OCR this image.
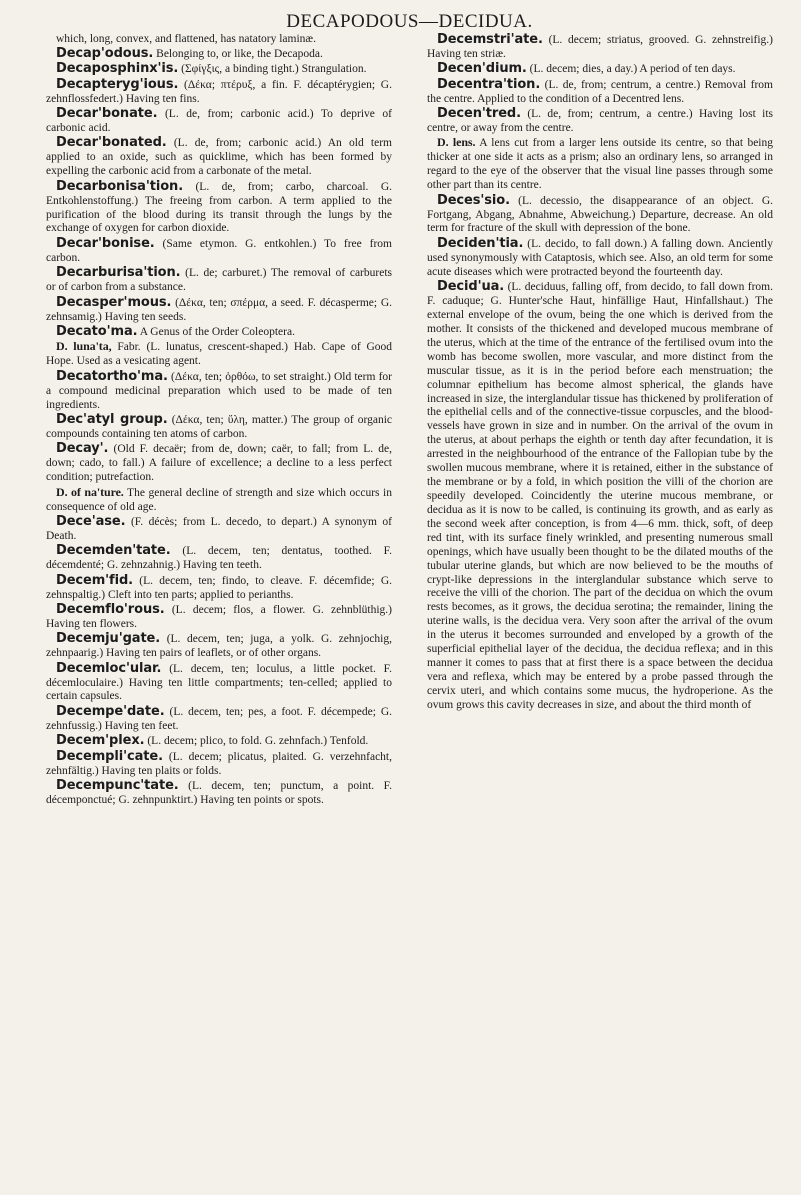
DECAPODOUS—DECIDUA.

which, long, convex, and flattened, has natatory laminæ.

Decap'odous. Belonging to, or like, the Decapoda.

Decaposphinx'is. (Σφίγξις, a binding tight.) Strangulation.

Decapteryg'ious. (Δέκα; πτέρυξ, a fin. F. décaptérygien; G. zehnflossfedert.) Having ten fins.

Decar'bonate. (L. de, from; carbonic acid.) To deprive of carbonic acid.

Decar'bonated. (L. de, from; carbonic acid.) An old term applied to an oxide, such as quicklime, which has been formed by expelling the carbonic acid from a carbonate of the metal.

Decarbonisa'tion. (L. de, from; carbo, charcoal. G. Entkohlenstoffung.) The freeing from carbon. A term applied to the purification of the blood during its transit through the lungs by the exchange of oxygen for carbon dioxide.

Decar'bonise. (Same etymon. G. entkohlen.) To free from carbon.

Decarburisa'tion. (L. de; carburet.) The removal of carburets or of carbon from a substance.

Decasper'mous. (Δέκα, ten; σπέρμα, a seed. F. décasperme; G. zehnsamig.) Having ten seeds.

Decato'ma. A Genus of the Order Coleoptera.

D. luna'ta, Fabr. (L. lunatus, crescent-shaped.) Hab. Cape of Good Hope. Used as a vesicating agent.

Decatortho'ma. (Δέκα, ten; ὀρθόω, to set straight.) Old term for a compound medicinal preparation which used to be made of ten ingredients.

Dec'atyl group. (Δέκα, ten; ὕλη, matter.) The group of organic compounds containing ten atoms of carbon.

Decay'. (Old F. decaër; from de, down; caër, to fall; from L. de, down; cado, to fall.) A failure of excellence; a decline to a less perfect condition; putrefaction.

D. of na'ture. The general decline of strength and size which occurs in consequence of old age.

Dece'ase. (F. décès; from L. decedo, to depart.) A synonym of Death.

Decemden'tate. (L. decem, ten; dentatus, toothed. F. décemdenté; G. zehnzahnig.) Having ten teeth.

Decem'fid. (L. decem, ten; findo, to cleave. F. décemfide; G. zehnspaltig.) Cleft into ten parts; applied to perianths.

Decemflo'rous. (L. decem; flos, a flower. G. zehnblüthig.) Having ten flowers.

Decemju'gate. (L. decem, ten; juga, a yolk. G. zehnjochig, zehnpaarig.) Having ten pairs of leaflets, or of other organs.

Decemloc'ular. (L. decem, ten; loculus, a little pocket. F. décemloculaire.) Having ten little compartments; ten-celled; applied to certain capsules.

Decempe'date. (L. decem, ten; pes, a foot. F. décempede; G. zehnfussig.) Having ten feet.

Decem'plex. (L. decem; plico, to fold. G. zehnfach.) Tenfold.

Decempli'cate. (L. decem; plicatus, plaited. G. verzehnfacht, zehnfältig.) Having ten plaits or folds.

Decempunc'tate. (L. decem, ten; punctum, a point. F. décemponctué; G. zehnpunktirt.) Having ten points or spots.

Decemstri'ate. (L. decem; striatus, grooved. G. zehnstreifig.) Having ten striæ.

Decen'dium. (L. decem; dies, a day.) A period of ten days.

Decentra'tion. (L. de, from; centrum, a centre.) Removal from the centre. Applied to the condition of a Decentred lens.

Decen'tred. (L. de, from; centrum, a centre.) Having lost its centre, or away from the centre.

D. lens. A lens cut from a larger lens outside its centre, so that being thicker at one side it acts as a prism; also an ordinary lens, so arranged in regard to the eye of the observer that the visual line passes through some other part than its centre.

Deces'sio. (L. decessio, the disappearance of an object. G. Fortgang, Abgang, Abnahme, Abweichung.) Departure, decrease. An old term for fracture of the skull with depression of the bone.

Deciden'tia. (L. decido, to fall down.) A falling down. Anciently used synonymously with Cataptosis, which see. Also, an old term for some acute diseases which were protracted beyond the fourteenth day.

Decid'ua. (L. deciduus, falling off, from decido, to fall down from. F. caduque; G. Hunter'sche Haut, hinfällige Haut, Hinfallshaut.) The external envelope of the ovum, being the one which is derived from the mother. It consists of the thickened and developed mucous membrane of the uterus, which at the time of the entrance of the fertilised ovum into the womb has become swollen, more vascular, and more distinct from the muscular tissue, as it is in the period before each menstruation; the columnar epithelium has become almost spherical, the glands have increased in size, the interglandular tissue has thickened by proliferation of the epithelial cells and of the connective-tissue corpuscles, and the blood-vessels have grown in size and in number. On the arrival of the ovum in the uterus, at about perhaps the eighth or tenth day after fecundation, it is arrested in the neighbourhood of the entrance of the Fallopian tube by the swollen mucous membrane, where it is retained, either in the substance of the membrane or by a fold, in which position the villi of the chorion are speedily developed. Coincidently the uterine mucous membrane, or decidua as it is now to be called, is continuing its growth, and as early as the second week after conception, is from 4—6 mm. thick, soft, of deep red tint, with its surface finely wrinkled, and presenting numerous small openings, which have usually been thought to be the dilated mouths of the tubular uterine glands, but which are now believed to be the mouths of crypt-like depressions in the interglandular substance which serve to receive the villi of the chorion. The part of the decidua on which the ovum rests becomes, as it grows, the decidua serotina; the remainder, lining the uterine walls, is the decidua vera. Very soon after the arrival of the ovum in the uterus it becomes surrounded and enveloped by a growth of the superficial epithelial layer of the decidua, the decidua reflexa; and in this manner it comes to pass that at first there is a space between the decidua vera and reflexa, which may be entered by a probe passed through the cervix uteri, and which contains some mucus, the hydroperione. As the ovum grows this cavity decreases in size, and about the third month of
